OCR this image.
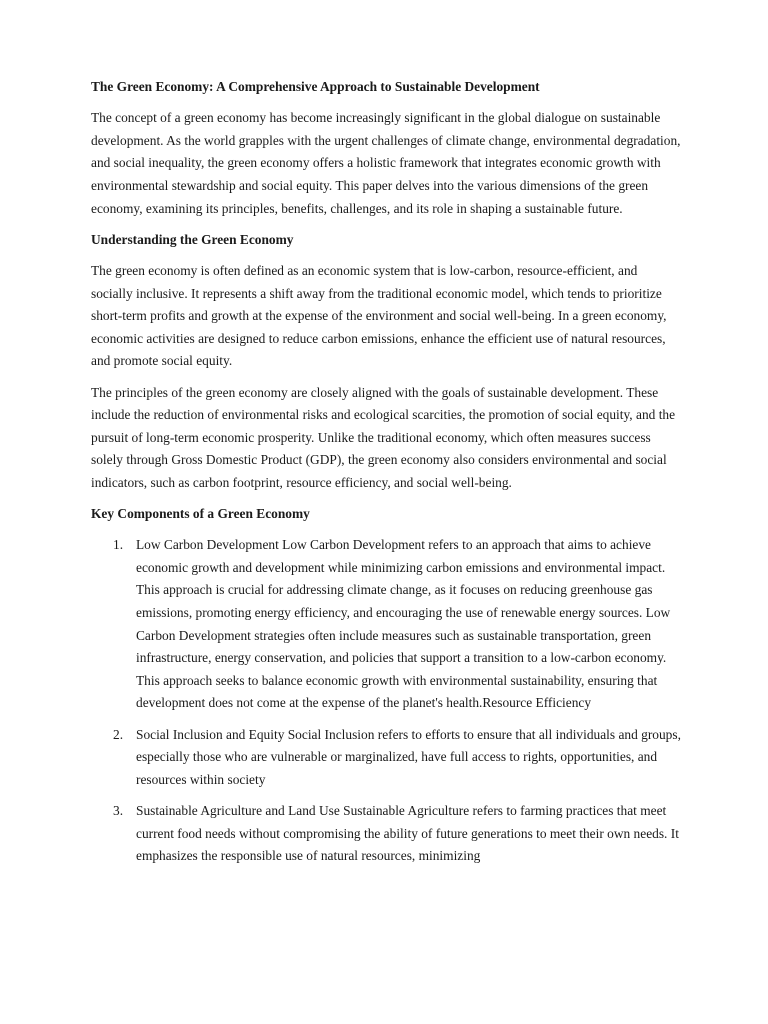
The Green Economy: A Comprehensive Approach to Sustainable Development

The concept of a green economy has become increasingly significant in the global dialogue on sustainable development. As the world grapples with the urgent challenges of climate change, environmental degradation, and social inequality, the green economy offers a holistic framework that integrates economic growth with environmental stewardship and social equity. This paper delves into the various dimensions of the green economy, examining its principles, benefits, challenges, and its role in shaping a sustainable future.

Understanding the Green Economy

The green economy is often defined as an economic system that is low-carbon, resource-efficient, and socially inclusive. It represents a shift away from the traditional economic model, which tends to prioritize short-term profits and growth at the expense of the environment and social well-being. In a green economy, economic activities are designed to reduce carbon emissions, enhance the efficient use of natural resources, and promote social equity.

The principles of the green economy are closely aligned with the goals of sustainable development. These include the reduction of environmental risks and ecological scarcities, the promotion of social equity, and the pursuit of long-term economic prosperity. Unlike the traditional economy, which often measures success solely through Gross Domestic Product (GDP), the green economy also considers environmental and social indicators, such as carbon footprint, resource efficiency, and social well-being.

Key Components of a Green Economy
1. Low Carbon Development Low Carbon Development refers to an approach that aims to achieve economic growth and development while minimizing carbon emissions and environmental impact. This approach is crucial for addressing climate change, as it focuses on reducing greenhouse gas emissions, promoting energy efficiency, and encouraging the use of renewable energy sources. Low Carbon Development strategies often include measures such as sustainable transportation, green infrastructure, energy conservation, and policies that support a transition to a low-carbon economy. This approach seeks to balance economic growth with environmental sustainability, ensuring that development does not come at the expense of the planet's health.Resource Efficiency
2. Social Inclusion and Equity Social Inclusion refers to efforts to ensure that all individuals and groups, especially those who are vulnerable or marginalized, have full access to rights, opportunities, and resources within society
3. Sustainable Agriculture and Land Use Sustainable Agriculture refers to farming practices that meet current food needs without compromising the ability of future generations to meet their own needs. It emphasizes the responsible use of natural resources, minimizing
